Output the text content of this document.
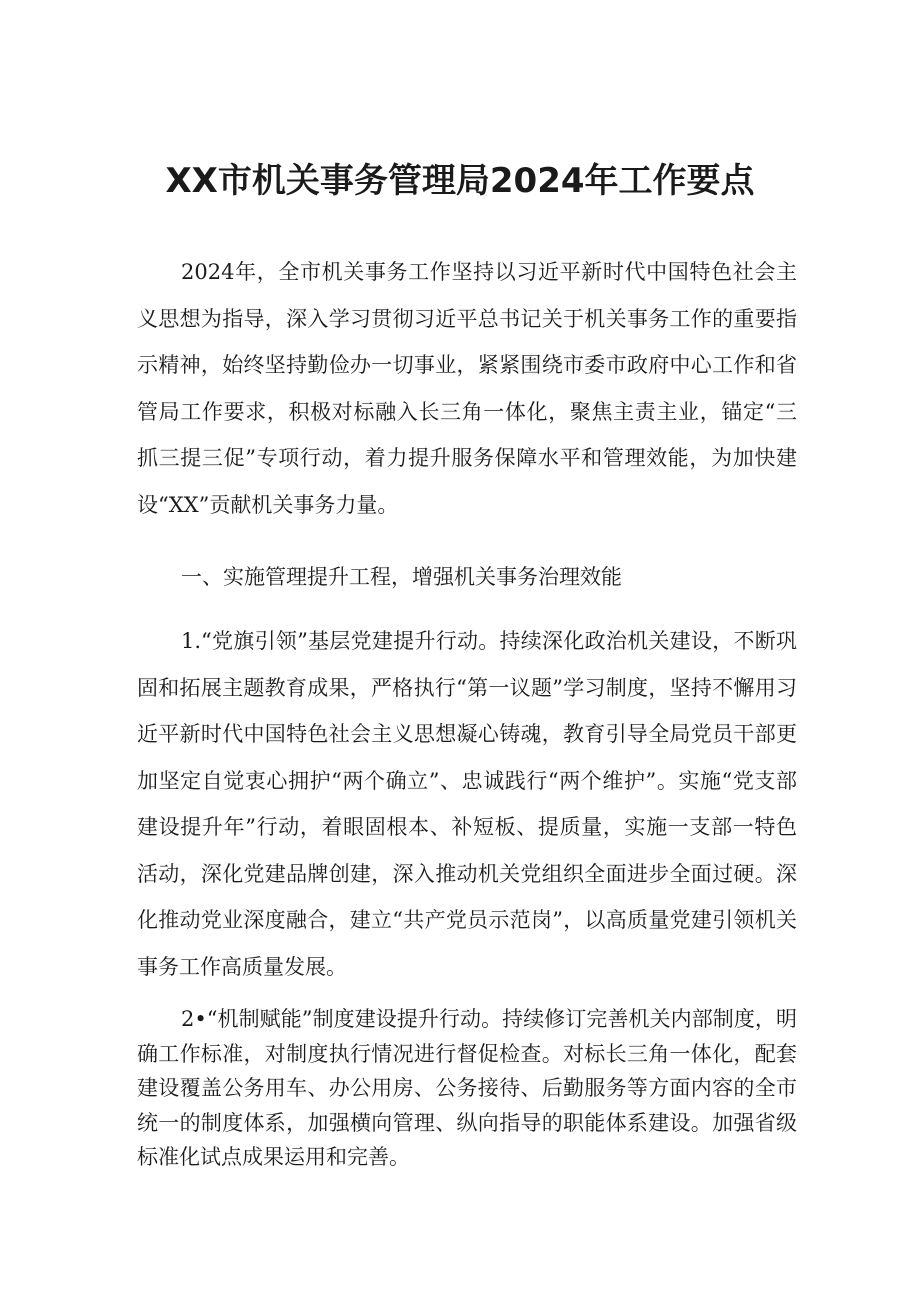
XX市机关事务管理局2024年工作要点

2024年，全市机关事务工作坚持以习近平新时代中国特色社会主义思想为指导，深入学习贯彻习近平总书记关于机关事务工作的重要指示精神，始终坚持勤俭办一切事业，紧紧围绕市委市政府中心工作和省管局工作要求，积极对标融入长三角一体化，聚焦主责主业，锚定“三抓三提三促”专项行动，着力提升服务保障水平和管理效能，为加快建设“XX”贡献机关事务力量。

一、实施管理提升工程，增强机关事务治理效能

1.“党旗引领”基层党建提升行动。持续深化政治机关建设，不断巩固和拓展主题教育成果，严格执行“第一议题”学习制度，坚持不懈用习近平新时代中国特色社会主义思想凝心铸魂，教育引导全局党员干部更加坚定自觉衷心拥护“两个确立”、忠诚践行“两个维护”。实施“党支部建设提升年”行动，着眼固根本、补短板、提质量，实施一支部一特色活动，深化党建品牌创建，深入推动机关党组织全面进步全面过硬。深化推动党业深度融合，建立“共产党员示范岗”，以高质量党建引领机关事务工作高质量发展。

2•“机制赋能”制度建设提升行动。持续修订完善机关内部制度，明确工作标准，对制度执行情况进行督促检查。对标长三角一体化，配套建设覆盖公务用车、办公用房、公务接待、后勤服务等方面内容的全市统一的制度体系，加强横向管理、纵向指导的职能体系建设。加强省级标准化试点成果运用和完善。
